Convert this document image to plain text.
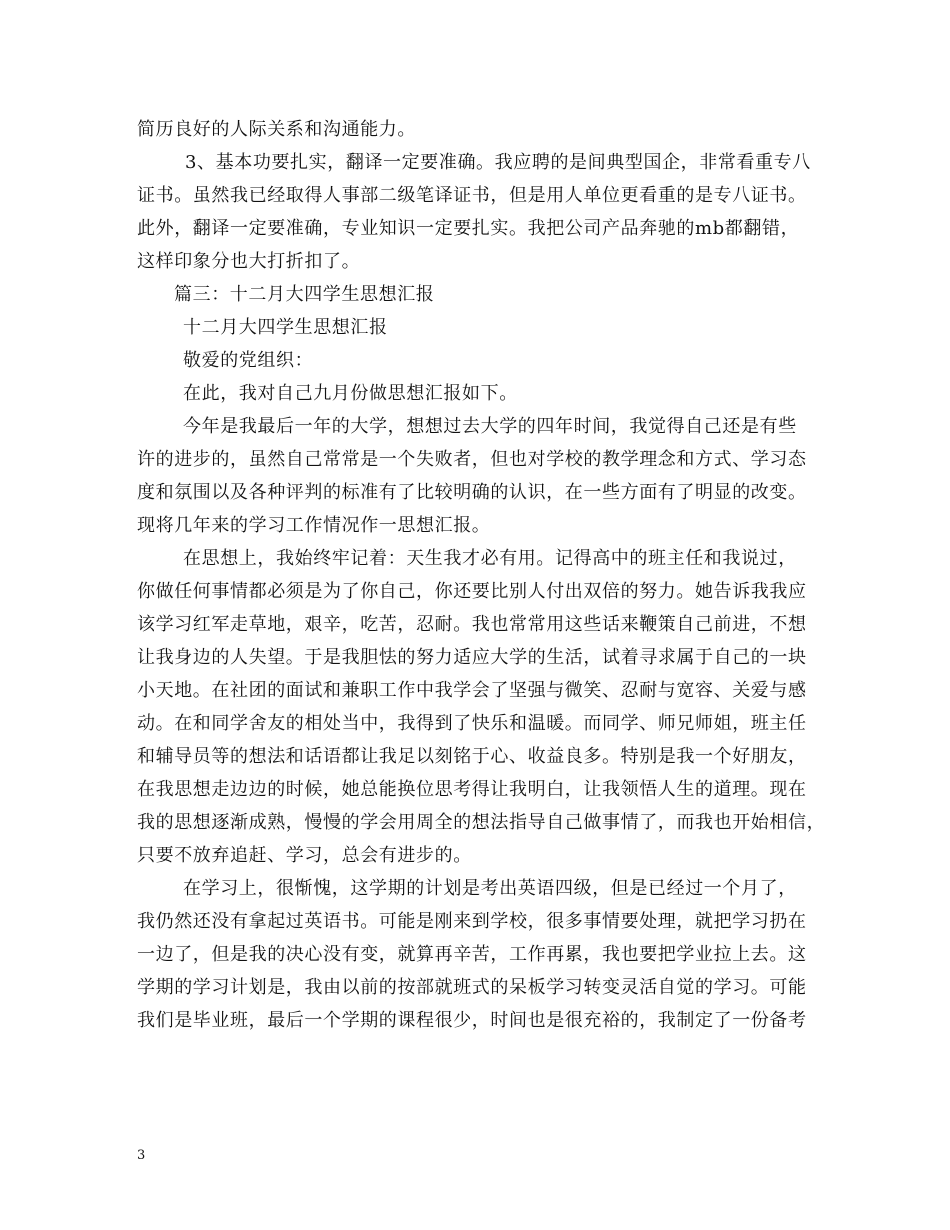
简历良好的人际关系和沟通能力。
3、基本功要扎实，翻译一定要准确。我应聘的是间典型国企，非常看重专八
证书。虽然我已经取得人事部二级笔译证书，但是用人单位更看重的是专八证书。
此外，翻译一定要准确，专业知识一定要扎实。我把公司产品奔驰的mb都翻错，
这样印象分也大打折扣了。
篇三：十二月大四学生思想汇报
十二月大四学生思想汇报
敬爱的党组织：
在此，我对自己九月份做思想汇报如下。
今年是我最后一年的大学，想想过去大学的四年时间，我觉得自己还是有些
许的进步的，虽然自己常常是一个失败者，但也对学校的教学理念和方式、学习态
度和氛围以及各种评判的标准有了比较明确的认识，在一些方面有了明显的改变。
现将几年来的学习工作情况作一思想汇报。
在思想上，我始终牢记着：天生我才必有用。记得高中的班主任和我说过，
你做任何事情都必须是为了你自己，你还要比别人付出双倍的努力。她告诉我我应
该学习红军走草地，艰辛，吃苦，忍耐。我也常常用这些话来鞭策自己前进，不想
让我身边的人失望。于是我胆怯的努力适应大学的生活，试着寻求属于自己的一块
小天地。在社团的面试和兼职工作中我学会了坚强与微笑、忍耐与宽容、关爱与感
动。在和同学舍友的相处当中，我得到了快乐和温暖。而同学、师兄师姐，班主任
和辅导员等的想法和话语都让我足以刻铭于心、收益良多。特别是我一个好朋友，
在我思想走边边的时候，她总能换位思考得让我明白，让我领悟人生的道理。现在
我的思想逐渐成熟，慢慢的学会用周全的想法指导自己做事情了，而我也开始相信，
只要不放弃追赶、学习，总会有进步的。
在学习上，很惭愧，这学期的计划是考出英语四级，但是已经过一个月了，
我仍然还没有拿起过英语书。可能是刚来到学校，很多事情要处理，就把学习扔在
一边了，但是我的决心没有变，就算再辛苦，工作再累，我也要把学业拉上去。这
学期的学习计划是，我由以前的按部就班式的呆板学习转变灵活自觉的学习。可能
我们是毕业班，最后一个学期的课程很少，时间也是很充裕的，我制定了一份备考
3
